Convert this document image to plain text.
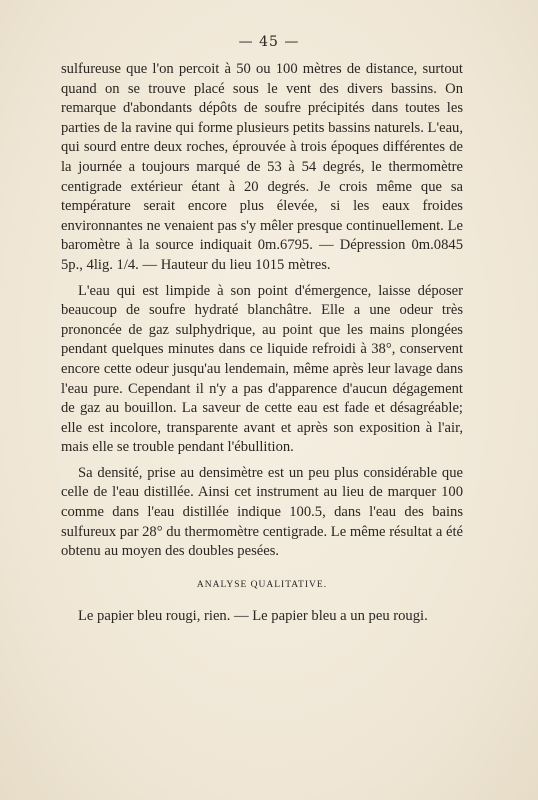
— 45 —

sulfureuse que l'on percoit à 50 ou 100 mètres de distance, surtout quand on se trouve placé sous le vent des divers bassins. On remarque d'abondants dépôts de soufre précipités dans toutes les parties de la ravine qui forme plusieurs petits bassins naturels. L'eau, qui sourd entre deux roches, éprouvée à trois époques différentes de la journée a toujours marqué de 53 à 54 degrés, le thermomètre centigrade extérieur étant à 20 degrés. Je crois même que sa température serait encore plus élevée, si les eaux froides environnantes ne venaient pas s'y mêler presque continuellement. Le baromètre à la source indiquait 0m.6795. — Dépression 0m.0845 5p., 4lig. 1/4. — Hauteur du lieu 1015 mètres.

L'eau qui est limpide à son point d'émergence, laisse déposer beaucoup de soufre hydraté blanchâtre. Elle a une odeur très prononcée de gaz sulphydrique, au point que les mains plongées pendant quelques minutes dans ce liquide refroidi à 38°, conservent encore cette odeur jusqu'au lendemain, même après leur lavage dans l'eau pure. Cependant il n'y a pas d'apparence d'aucun dégagement de gaz au bouillon. La saveur de cette eau est fade et désagréable; elle est incolore, transparente avant et après son exposition à l'air, mais elle se trouble pendant l'ébullition.

Sa densité, prise au densimètre est un peu plus considérable que celle de l'eau distillée. Ainsi cet instrument au lieu de marquer 100 comme dans l'eau distillée indique 100.5, dans l'eau des bains sulfureux par 28° du thermomètre centigrade. Le même résultat a été obtenu au moyen des doubles pesées.

ANALYSE QUALITATIVE.

Le papier bleu rougi, rien. — Le papier bleu a un peu rougi.
